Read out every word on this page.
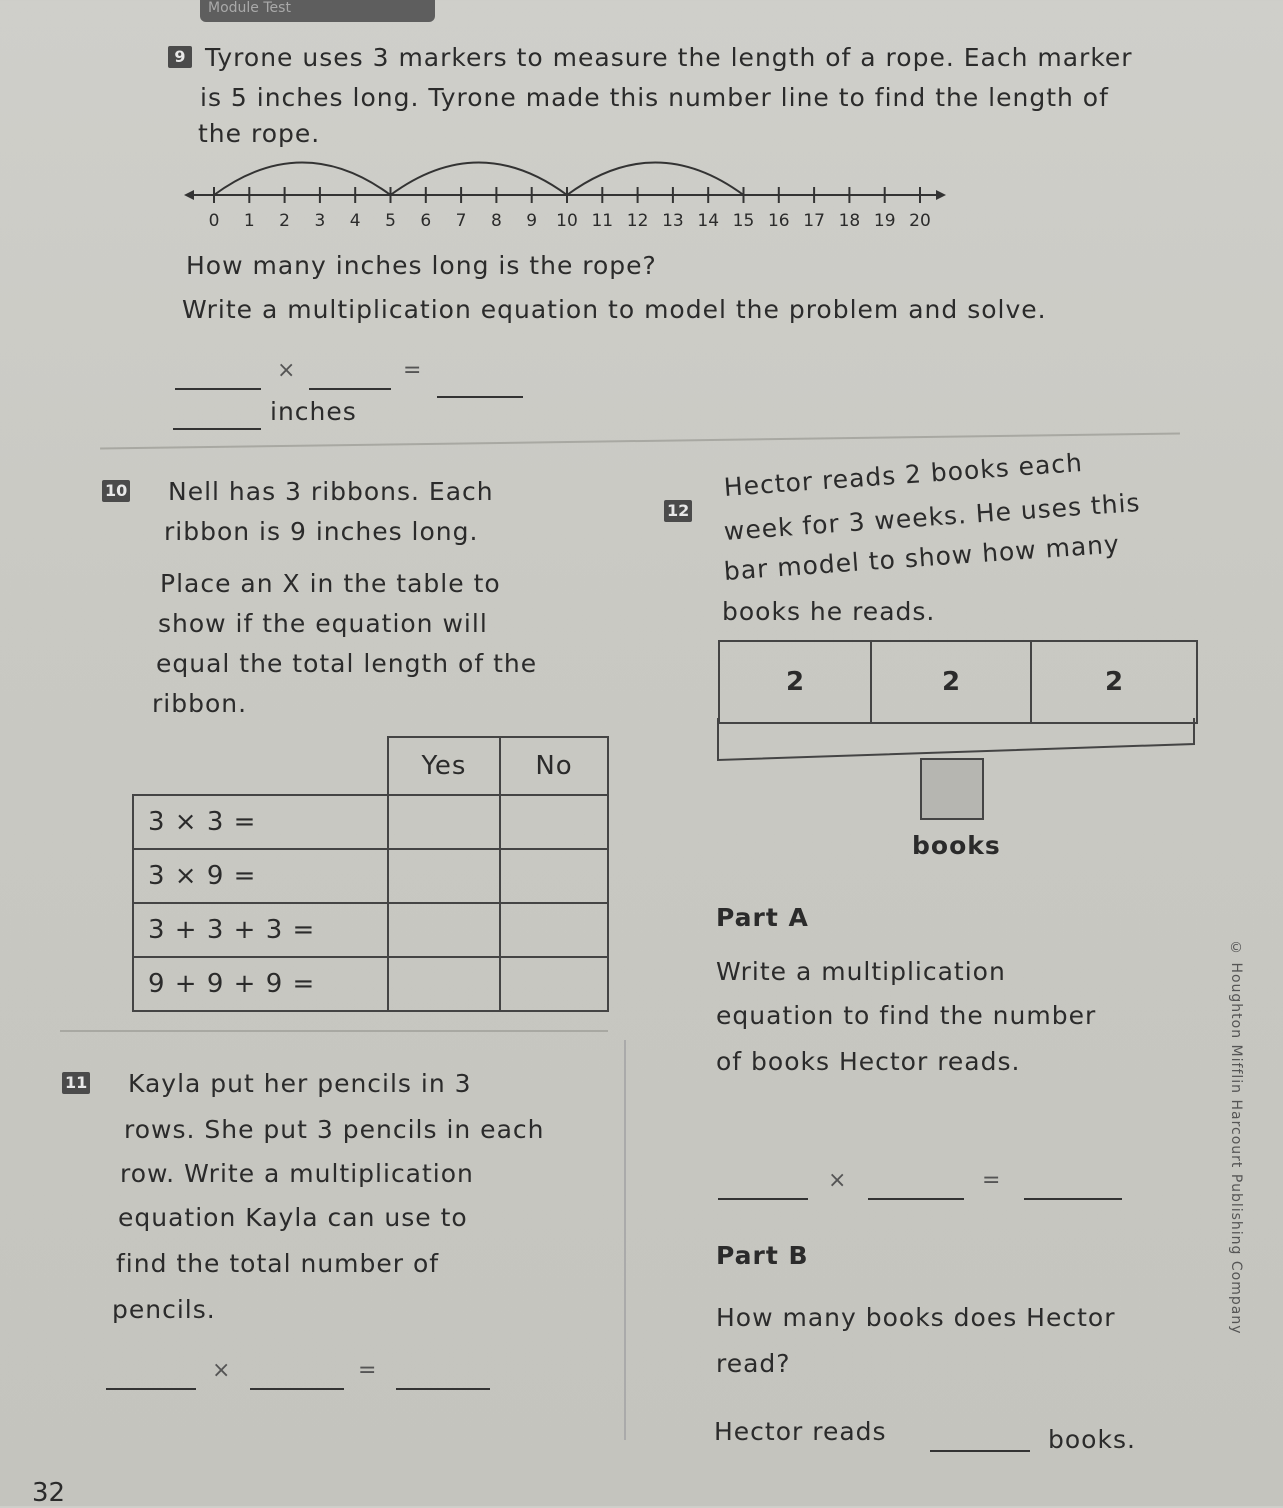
Module Test
9 Tyrone uses 3 markers to measure the length of a rope. Each marker
is 5 inches long. Tyrone made this number line to find the length of
the rope.
0 1 2 3 4 5 6 7 8 9 10 11 12 13 14 15 16 17 18 19 20
How many inches long is the rope?
Write a multiplication equation to model the problem and solve.
×	=
inches
10 Nell has 3 ribbons. Each
ribbon is 9 inches long.
Place an X in the table to
show if the equation will
equal the total length of the
ribbon.
	Yes	No
3 × 3 =		
3 × 9 =		
3 + 3 + 3 =		
9 + 9 + 9 =		
11 Kayla put her pencils in 3
rows. She put 3 pencils in each
row. Write a multiplication
equation Kayla can use to
find the total number of
pencils.
×	=
12
Hector reads 2 books each
week for 3 weeks. He uses this
bar model to show how many
books he reads.
2	2	2
books
Part A
Write a multiplication
equation to find the number
of books Hector reads.
×	=
Part B
How many books does Hector
read?
Hector reads	books.
32
© Houghton Mifflin Harcourt Publishing Company
